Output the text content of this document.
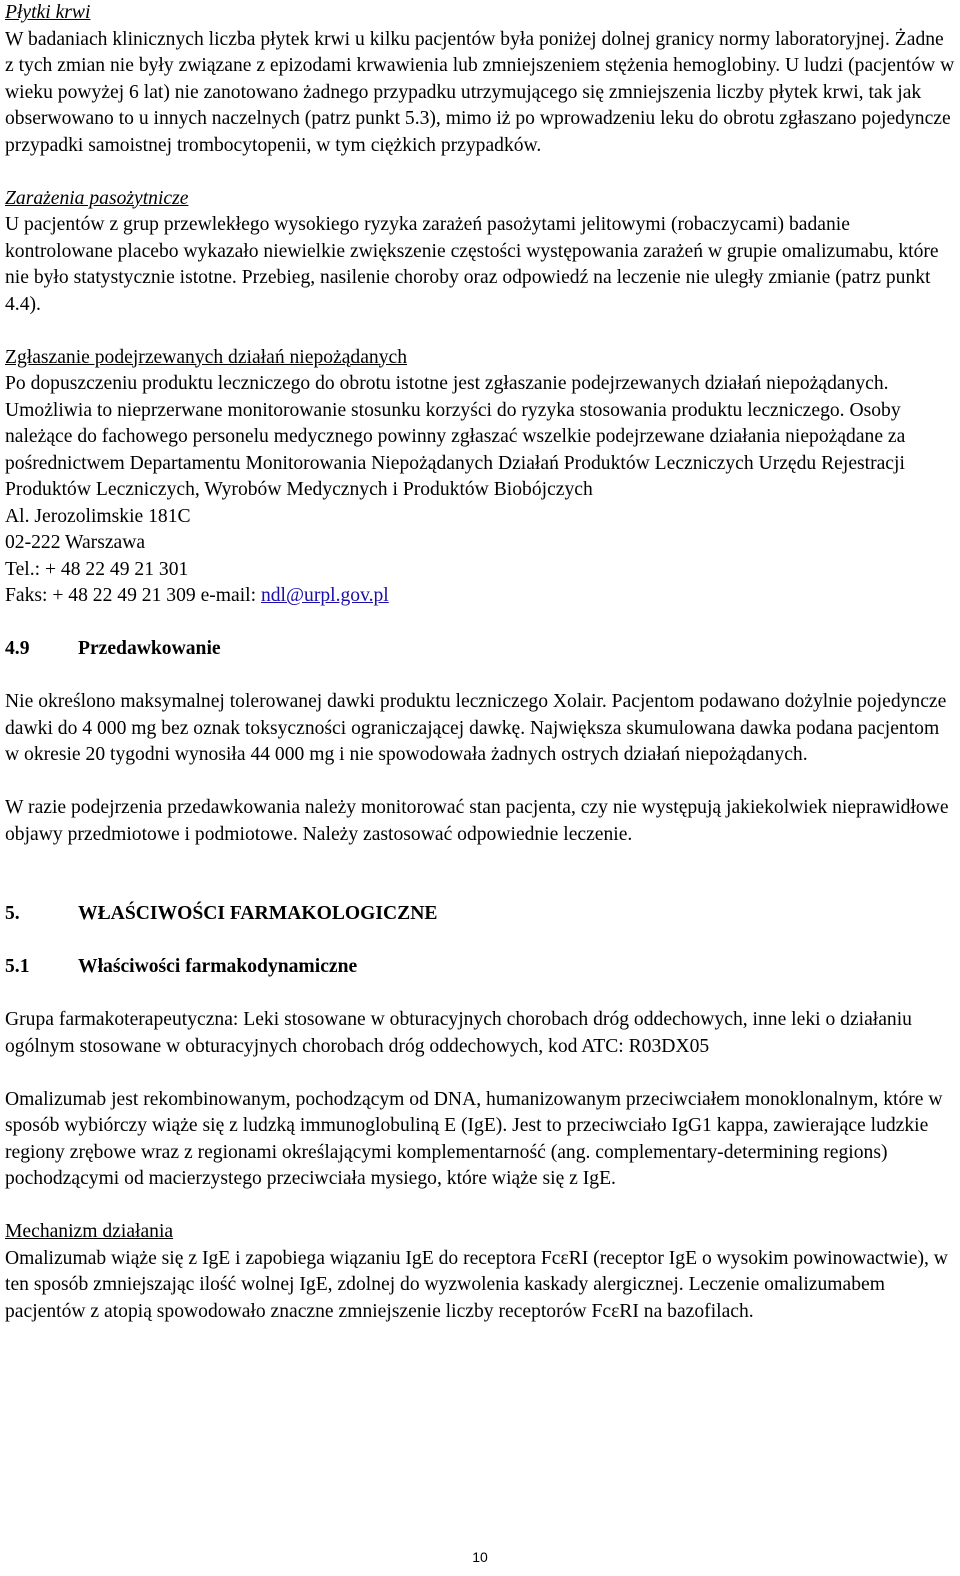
Płytki krwi

W badaniach klinicznych liczba płytek krwi u kilku pacjentów była poniżej dolnej granicy normy laboratoryjnej. Żadne z tych zmian nie były związane z epizodami krwawienia lub zmniejszeniem stężenia hemoglobiny. U ludzi (pacjentów w wieku powyżej 6 lat) nie zanotowano żadnego przypadku utrzymującego się zmniejszenia liczby płytek krwi, tak jak obserwowano to u innych naczelnych (patrz punkt 5.3), mimo iż po wprowadzeniu leku do obrotu zgłaszano pojedyncze przypadki samoistnej trombocytopenii, w tym ciężkich przypadków.

Zarażenia pasożytnicze

U pacjentów z grup przewlekłego wysokiego ryzyka zarażeń pasożytami jelitowymi (robaczycami) badanie kontrolowane placebo wykazało niewielkie zwiększenie częstości występowania zarażeń w grupie omalizumabu, które nie było statystycznie istotne. Przebieg, nasilenie choroby oraz odpowiedź na leczenie nie uległy zmianie (patrz punkt 4.4).

Zgłaszanie podejrzewanych działań niepożądanych

Po dopuszczeniu produktu leczniczego do obrotu istotne jest zgłaszanie podejrzewanych działań niepożądanych. Umożliwia to nieprzerwane monitorowanie stosunku korzyści do ryzyka stosowania produktu leczniczego. Osoby należące do fachowego personelu medycznego powinny zgłaszać wszelkie podejrzewane działania niepożądane za pośrednictwem Departamentu Monitorowania Niepożądanych Działań Produktów Leczniczych Urzędu Rejestracji Produktów Leczniczych, Wyrobów Medycznych i Produktów Biobójczych

Al. Jerozolimskie 181C

02-222 Warszawa

Tel.: + 48 22 49 21 301

Faks: + 48 22 49 21 309 e-mail: ndl@urpl.gov.pl

4.9	Przedawkowanie

Nie określono maksymalnej tolerowanej dawki produktu leczniczego Xolair. Pacjentom podawano dożylnie pojedyncze dawki do 4 000 mg bez oznak toksyczności ograniczającej dawkę. Największa skumulowana dawka podana pacjentom w okresie 20 tygodni wynosiła 44 000 mg i nie spowodowała żadnych ostrych działań niepożądanych.

W razie podejrzenia przedawkowania należy monitorować stan pacjenta, czy nie występują jakiekolwiek nieprawidłowe objawy przedmiotowe i podmiotowe. Należy zastosować odpowiednie leczenie.

5.	WŁAŚCIWOŚCI FARMAKOLOGICZNE
5.1	Właściwości farmakodynamiczne

Grupa farmakoterapeutyczna: Leki stosowane w obturacyjnych chorobach dróg oddechowych, inne leki o działaniu ogólnym stosowane w obturacyjnych chorobach dróg oddechowych, kod ATC: R03DX05

Omalizumab jest rekombinowanym, pochodzącym od DNA, humanizowanym przeciwciałem monoklonalnym, które w sposób wybiórczy wiąże się z ludzką immunoglobuliną E (IgE). Jest to przeciwciało IgG1 kappa, zawierające ludzkie regiony zrębowe wraz z regionami określającymi komplementarność (ang. complementary-determining regions) pochodzącymi od macierzystego przeciwciała mysiego, które wiąże się z IgE.

Mechanizm działania

Omalizumab wiąże się z IgE i zapobiega wiązaniu IgE do receptora FcεRI (receptor IgE o wysokim powinowactwie), w ten sposób zmniejszając ilość wolnej IgE, zdolnej do wyzwolenia kaskady alergicznej. Leczenie omalizumabem pacjentów z atopią spowodowało znaczne zmniejszenie liczby receptorów FcεRI na bazofilach.

10
